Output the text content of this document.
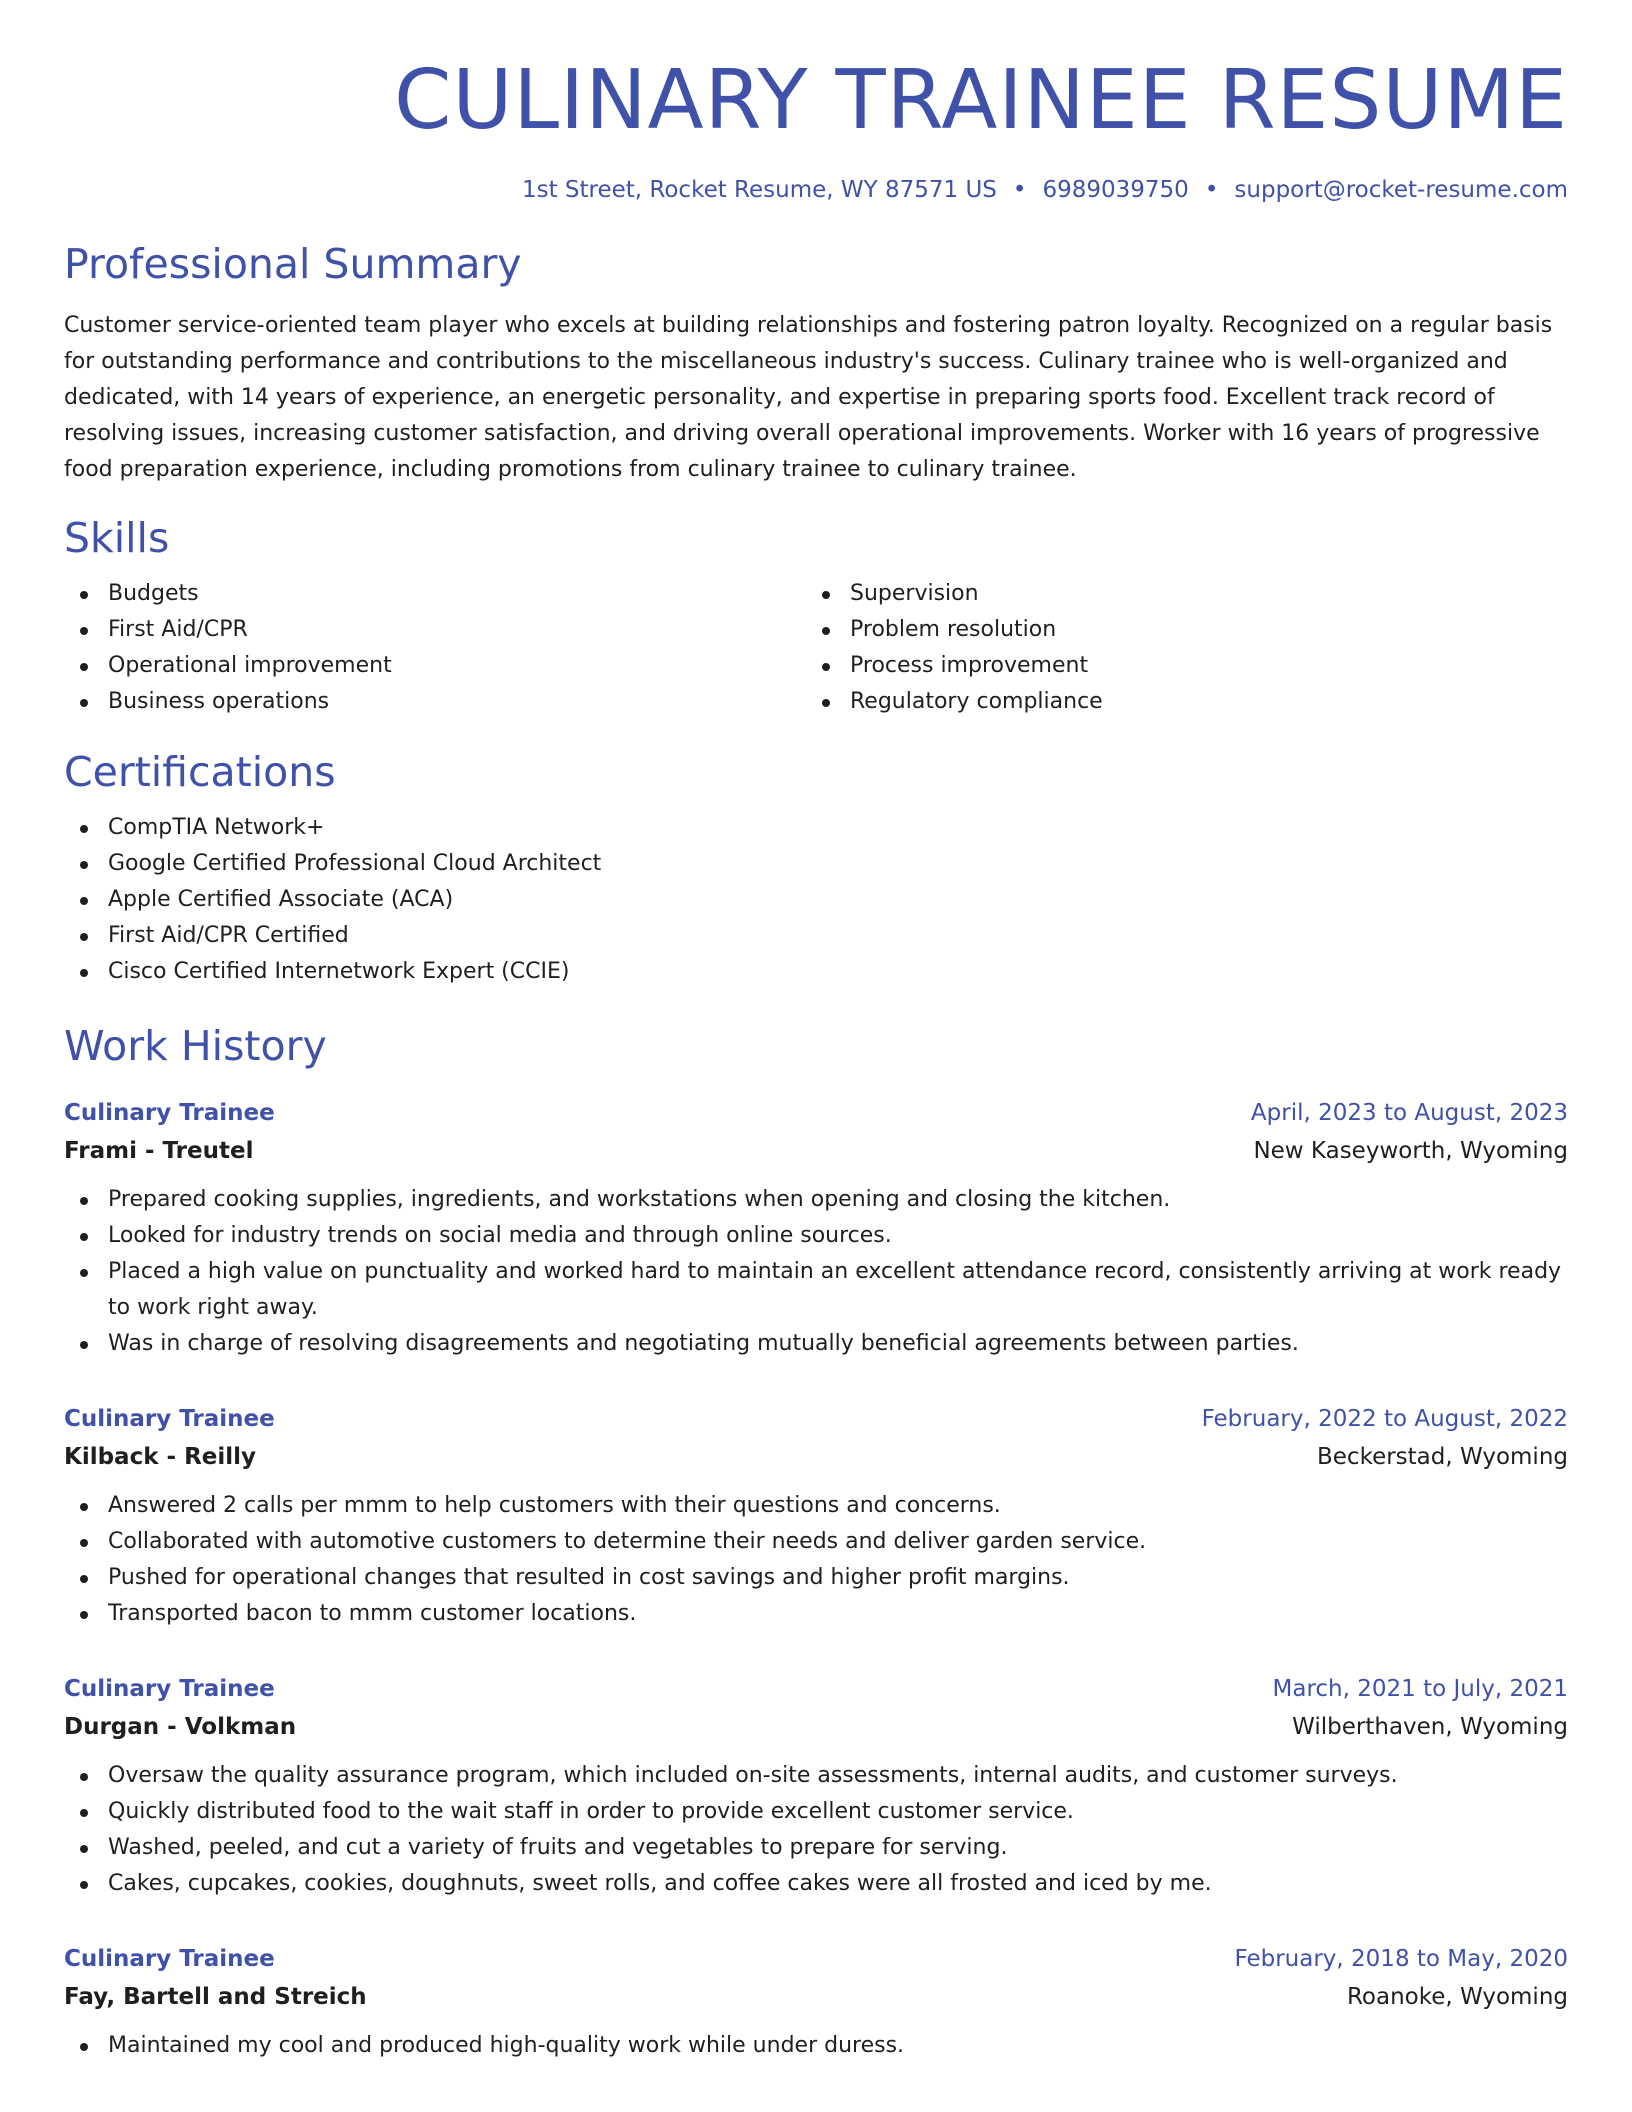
CULINARY TRAINEE RESUME
1st Street, Rocket Resume, WY 87571 US • 6989039750 • support@rocket-resume.com
Professional Summary
Customer service-oriented team player who excels at building relationships and fostering patron loyalty. Recognized on a regular basis for outstanding performance and contributions to the miscellaneous industry's success. Culinary trainee who is well-organized and dedicated, with 14 years of experience, an energetic personality, and expertise in preparing sports food. Excellent track record of resolving issues, increasing customer satisfaction, and driving overall operational improvements. Worker with 16 years of progressive food preparation experience, including promotions from culinary trainee to culinary trainee.
Skills
Budgets
First Aid/CPR
Operational improvement
Business operations
Supervision
Problem resolution
Process improvement
Regulatory compliance
Certifications
CompTIA Network+
Google Certified Professional Cloud Architect
Apple Certified Associate (ACA)
First Aid/CPR Certified
Cisco Certified Internetwork Expert (CCIE)
Work History
Culinary Trainee	April, 2023 to August, 2023
Frami - Treutel	New Kaseyworth, Wyoming
Prepared cooking supplies, ingredients, and workstations when opening and closing the kitchen.
Looked for industry trends on social media and through online sources.
Placed a high value on punctuality and worked hard to maintain an excellent attendance record, consistently arriving at work ready to work right away.
Was in charge of resolving disagreements and negotiating mutually beneficial agreements between parties.
Culinary Trainee	February, 2022 to August, 2022
Kilback - Reilly	Beckerstad, Wyoming
Answered 2 calls per mmm to help customers with their questions and concerns.
Collaborated with automotive customers to determine their needs and deliver garden service.
Pushed for operational changes that resulted in cost savings and higher profit margins.
Transported bacon to mmm customer locations.
Culinary Trainee	March, 2021 to July, 2021
Durgan - Volkman	Wilberthaven, Wyoming
Oversaw the quality assurance program, which included on-site assessments, internal audits, and customer surveys.
Quickly distributed food to the wait staff in order to provide excellent customer service.
Washed, peeled, and cut a variety of fruits and vegetables to prepare for serving.
Cakes, cupcakes, cookies, doughnuts, sweet rolls, and coffee cakes were all frosted and iced by me.
Culinary Trainee	February, 2018 to May, 2020
Fay, Bartell and Streich	Roanoke, Wyoming
Maintained my cool and produced high-quality work while under duress.
